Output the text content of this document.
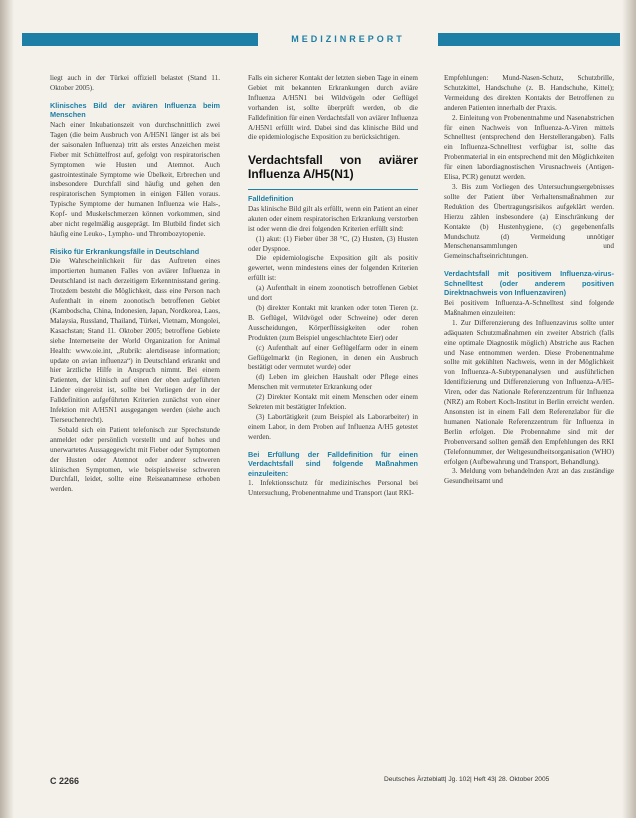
MEDIZINREPORT

liegt auch in der Türkei offiziell belastet (Stand 11. Oktober 2005).

Klinisches Bild der aviären Influenza beim Menschen

Nach einer Inkubationszeit von durchschnittlich zwei Tagen (die beim Ausbruch von A/H5N1 länger ist als bei der saisonalen Influenza) tritt als erstes Anzeichen meist Fieber mit Schüttelfrost auf, gefolgt von respiratorischen Symptomen wie Husten und Atemnot. Auch gastrointestinale Symptome wie Übelkeit, Erbrechen und insbesondere Durchfall sind häufig und gehen den respiratorischen Symptomen in einigen Fällen voraus. Typische Symptome der humanen Influenza wie Hals-, Kopf- und Muskelschmerzen können vorkommen, sind aber nicht regelmäßig ausgeprägt. Im Blutbild findet sich häufig eine Leuko-, Lympho- und Thrombozytopenie.

Risiko für Erkrankungsfälle in Deutschland

Die Wahrscheinlichkeit für das Auftreten eines importierten humanen Falles von aviärer Influenza in Deutschland ist nach derzeitigem Erkenntnisstand gering. Trotzdem besteht die Möglichkeit, dass eine Person nach Aufenthalt in einem zoonotisch betroffenen Gebiet (Kambodscha, China, Indonesien, Japan, Nordkorea, Laos, Malaysia, Russland, Thailand, Türkei, Vietnam, Mongolei, Kasachstan; Stand 11. Oktober 2005; betroffene Gebiete siehe Internetseite der World Organization for Animal Health: www.oie.int, „Rubrik: alertdisease information; update on avian influenza“) in Deutschland erkrankt und hier ärztliche Hilfe in Anspruch nimmt. Bei einem Patienten, der klinisch auf einen der oben aufgeführten Länder eingereist ist, sollte bei Vorliegen der in der Falldefinition aufgeführten Kriterien zunächst von einer Infektion mit A/H5N1 ausgegangen werden (siehe auch Tierseuchenrecht).

Sobald sich ein Patient telefonisch zur Sprechstunde anmeldet oder persönlich vorstellt und auf hohes und unerwartetes Aussagegewicht mit Fieber oder Symptomen der Husten oder Atemnot oder anderer schweren klinischen Symptomen, wie beispielsweise schweren Durchfall, leidet, sollte eine Reiseanamnese erhoben werden.

Falls ein sicherer Kontakt der letzten sieben Tage in einem Gebiet mit bekannten Erkrankungen durch aviäre Influenza A/H5N1 bei Wildvögeln oder Geflügel vorhanden ist, sollte überprüft werden, ob die Falldefinition für einen Verdachtsfall von aviärer Influenza A/H5N1 erfüllt wird. Dabei sind das klinische Bild und die epidemiologische Exposition zu berücksichtigen.

Verdachtsfall von aviärer Influenza A/H5(N1)
Falldefinition

Das klinische Bild gilt als erfüllt, wenn ein Patient an einer akuten oder einem respiratorischen Erkrankung verstorben ist oder wenn die drei folgenden Kriterien erfüllt sind:

(1) akut: (1) Fieber über 38 °C, (2) Husten, (3) Husten oder Dyspnoe.

Die epidemiologische Exposition gilt als positiv gewertet, wenn mindestens eines der folgenden Kriterien erfüllt ist:

(a) Aufenthalt in einem zoonotisch betroffenen Gebiet und dort

(b) direkter Kontakt mit kranken oder toten Tieren (z. B. Geflügel, Wildvögel oder Schweine) oder deren Ausscheidungen, Körperflüssigkeiten oder rohen Produkten (zum Beispiel ungeschlachtete Eier) oder

(c) Aufenthalt auf einer Geflügelfarm oder in einem Geflügelmarkt (in Regionen, in denen ein Ausbruch bestätigt oder vermutet wurde) oder

(d) Leben im gleichen Haushalt oder Pflege eines Menschen mit vermuteter Erkrankung oder

(2) Direkter Kontakt mit einem Menschen oder einem Sekreten mit bestätigter Infektion.

(3) Labortätigkeit (zum Beispiel als Laborarbeiter) in einem Labor, in dem Proben auf Influenza A/H5 getestet werden.

Bei Erfüllung der Falldefinition für einen Verdachtsfall sind folgende Maßnahmen einzuleiten:

1. Infektionsschutz für medizinisches Personal bei Untersuchung, Probenentnahme und Transport (laut RKI-

Empfehlungen: Mund-Nasen-Schutz, Schutzbrille, Schutzkittel, Handschuhe (z. B. Handschuhe, Kittel); Vermeidung des direkten Kontakts der Betroffenen zu anderen Patienten innerhalb der Praxis.

2. Einleitung von Probenentnahme und Nasenabstrichen für einen Nachweis von Influenza-A-Viren mittels Schnelltest (entsprechend den Herstellerangaben). Falls ein Influenza-Schnelltest verfügbar ist, sollte das Probenmaterial in ein entsprechend mit den Möglichkeiten für einen labordiagnostischen Virusnachweis (Antigen-Elisa, PCR) genutzt werden.

3. Bis zum Vorliegen des Untersuchungsergebnisses sollte der Patient über Verhaltensmaßnahmen zur Reduktion des Übertragungsrisikos aufgeklärt werden. Hierzu zählen insbesondere (a) Einschränkung der Kontakte (b) Hustenhygiene, (c) gegebenenfalls Mundschutz (d) Vermeidung unnötiger Menschenansammlungen und Gemeinschaftseinrichtungen.

Verdachtsfall mit positivem Influenza-virus-Schnelltest (oder anderem positiven Direktnachweis von Influenzaviren)

Bei positivem Influenza-A-Schnelltest sind folgende Maßnahmen einzuleiten:

1. Zur Differenzierung des Influenzavirus sollte unter adäquaten Schutzmaßnahmen ein zweiter Abstrich (falls eine optimale Diagnostik möglich) Abstriche aus Rachen und Nase entnommen werden. Diese Probenentnahme sollte mit gekühlten Nachweis, wenn in der Möglichkeit von Influenza-A-Subtypenanalysen und ausführlichen Identifizierung und Differenzierung von Influenza-A/H5-Viren, oder das Nationale Referenzzentrum für Influenza (NRZ) am Robert Koch-Institut in Berlin erreicht werden. Ansonsten ist in einem Fall dem Referenzlabor für die humanen Nationale Referenzzentrum für Influenza in Berlin erfolgen. Die Probennahme sind mit der Probenversand sollten gemäß den Empfehlungen des RKI (Telefonnummer, der Weltgesundheitsorganisation (WHO) erfolgen (Aufbewahrung und Transport, Behandlung).

3. Meldung vom behandelnden Arzt an das zuständige Gesundheitsamt und

C 2266	Deutsches Ärzteblatt| Jg. 102| Heft 43| 28. Oktober 2005
